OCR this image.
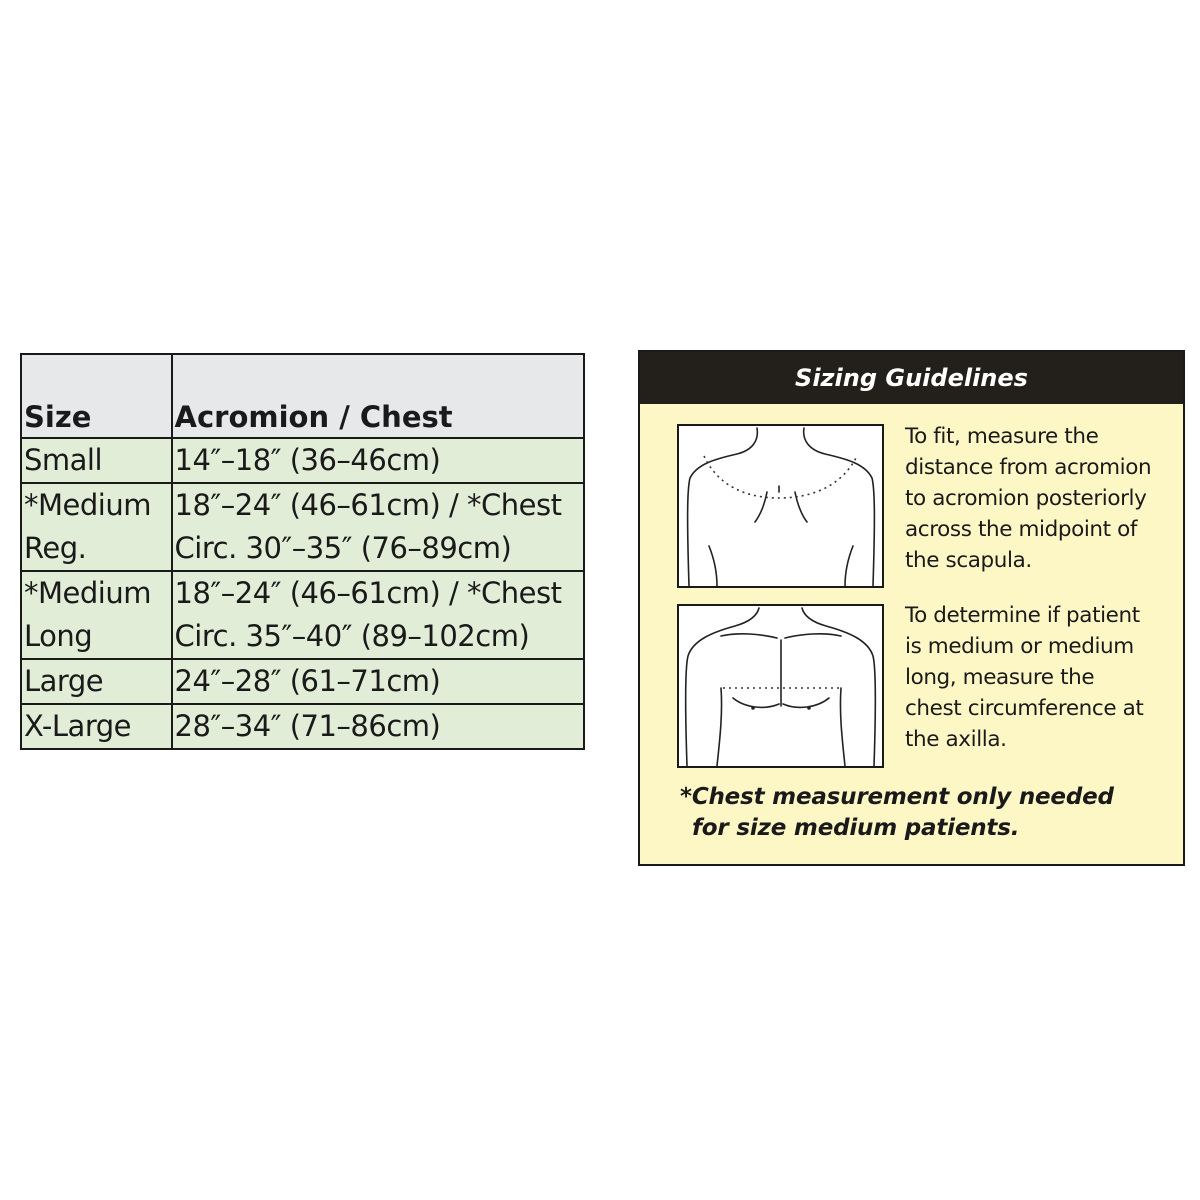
Size	Acromion / Chest

Small	14″–18″ (36–46cm)

*Medium
Reg.	18″–24″ (46–61cm) / *Chest
Circ. 30″–35″ (76–89cm)

*Medium
Long	18″–24″ (46–61cm) / *Chest
Circ. 35″–40″ (89–102cm)

Large	24″–28″ (61–71cm)

X-Large	28″–34″ (71–86cm)
Sizing Guidelines
To fit, measure the
distance from acromion
to acromion posteriorly
across the midpoint of
the scapula.
To determine if patient
is medium or medium
long, measure the
chest circumference at
the axilla.
*Chest measurement only needed
for size medium patients.
